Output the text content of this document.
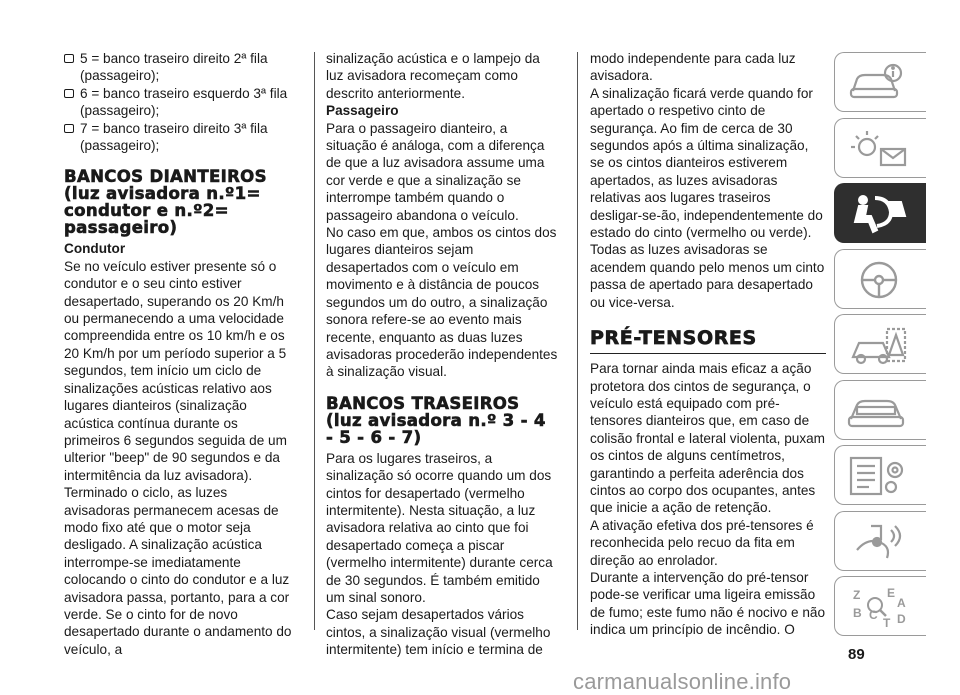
5 = banco traseiro direito 2ª fila (passageiro);

6 = banco traseiro esquerdo 3ª fila (passageiro);

7 = banco traseiro direito 3ª fila (passageiro);

BANCOS DIANTEIROS (luz avisadora n.º1= condutor e n.º2= passageiro)

Condutor

Se no veículo estiver presente só o condutor e o seu cinto estiver desapertado, superando os 20 Km/h ou permanecendo a uma velocidade compreendida entre os 10 km/h e os 20 Km/h por um período superior a 5 segundos, tem início um ciclo de sinalizações acústicas relativo aos lugares dianteiros (sinalização acústica contínua durante os primeiros 6 segundos seguida de um ulterior "beep" de 90 segundos e da intermitência da luz avisadora). Terminado o ciclo, as luzes avisadoras permanecem acesas de modo fixo até que o motor seja desligado. A sinalização acústica interrompe-se imediatamente colocando o cinto do condutor e a luz avisadora passa, portanto, para a cor verde. Se o cinto for de novo desapertado durante o andamento do veículo, a

sinalização acústica e o lampejo da luz avisadora recomeçam como descrito anteriormente.

Passageiro

Para o passageiro dianteiro, a situação é análoga, com a diferença de que a luz avisadora assume uma cor verde e que a sinalização se interrompe também quando o passageiro abandona o veículo.

No caso em que, ambos os cintos dos lugares dianteiros sejam desapertados com o veículo em movimento e à distância de poucos segundos um do outro, a sinalização sonora refere-se ao evento mais recente, enquanto as duas luzes avisadoras procederão independentes à sinalização visual.

BANCOS TRASEIROS (luz avisadora n.º 3 - 4 - 5 - 6 - 7)

Para os lugares traseiros, a sinalização só ocorre quando um dos cintos for desapertado (vermelho intermitente). Nesta situação, a luz avisadora relativa ao cinto que foi desapertado começa a piscar (vermelho intermitente) durante cerca de 30 segundos. É também emitido um sinal sonoro.

Caso sejam desapertados vários cintos, a sinalização visual (vermelho intermitente) tem início e termina de

modo independente para cada luz avisadora.

A sinalização ficará verde quando for apertado o respetivo cinto de segurança. Ao fim de cerca de 30 segundos após a última sinalização, se os cintos dianteiros estiverem apertados, as luzes avisadoras relativas aos lugares traseiros desligar-se-ão, independentemente do estado do cinto (vermelho ou verde). Todas as luzes avisadoras se acendem quando pelo menos um cinto passa de apertado para desapertado ou vice-versa.

PRÉ-TENSORES

Para tornar ainda mais eficaz a ação protetora dos cintos de segurança, o veículo está equipado com pré-tensores dianteiros que, em caso de colisão frontal e lateral violenta, puxam os cintos de alguns centímetros, garantindo a perfeita aderência dos cintos ao corpo dos ocupantes, antes que inicie a ação de retenção.

A ativação efetiva dos pré-tensores é reconhecida pelo recuo da fita em direção ao enrolador.

Durante a intervenção do pré-tensor pode-se verificar uma ligeira emissão de fumo; este fumo não é nocivo e não indica um princípio de incêndio. O

Z E
A
B C
T D
89
carmanualsonline.info
